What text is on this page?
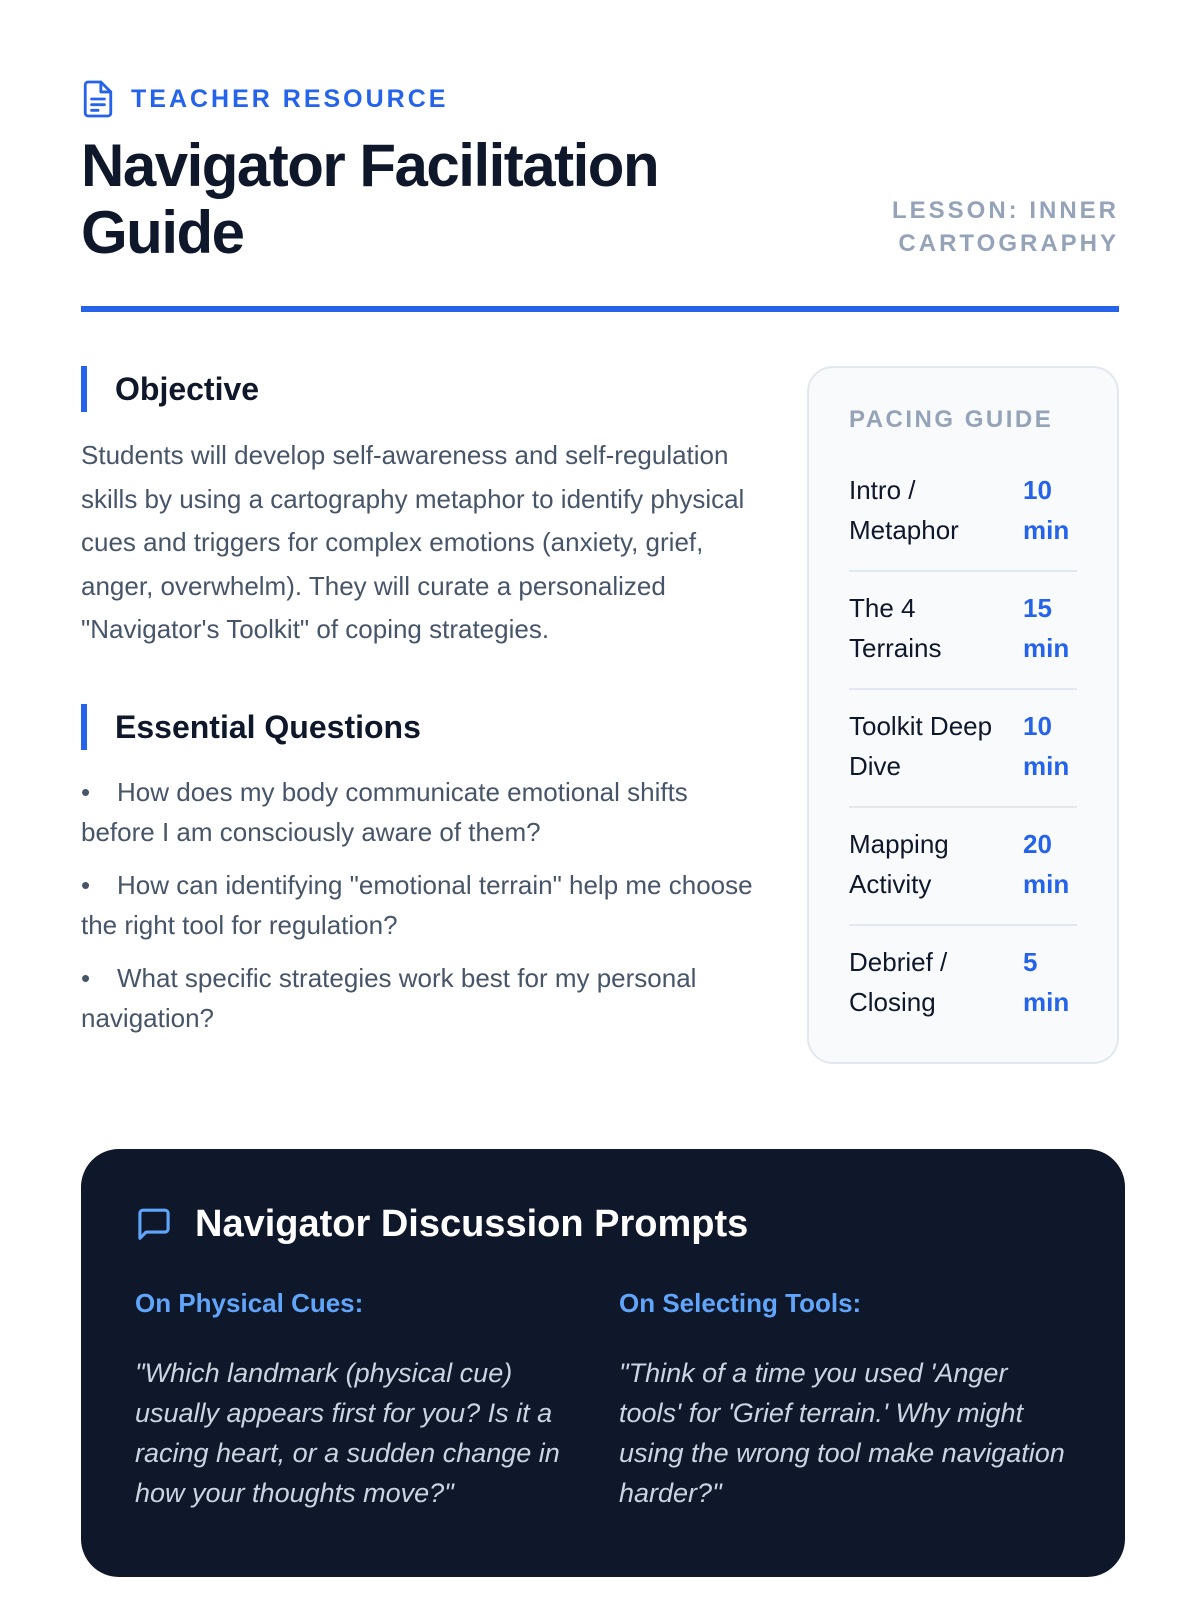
TEACHER RESOURCE
Navigator Facilitation Guide	LESSON: INNER CARTOGRAPHY
Objective

Students will develop self-awareness and self-regulation skills by using a cartography metaphor to identify physical cues and triggers for complex emotions (anxiety, grief, anger, overwhelm). They will curate a personalized "Navigator's Toolkit" of coping strategies.

Essential Questions
• How does my body communicate emotional shifts before I am consciously aware of them?
• How can identifying "emotional terrain" help me choose the right tool for regulation?
• What specific strategies work best for my personal navigation?
PACING GUIDE
Intro / Metaphor
10 min
The 4 Terrains
15 min
Toolkit Deep Dive
10 min
Mapping Activity
20 min
Debrief / Closing
5 min
Navigator Discussion Prompts
On Physical Cues:
"Which landmark (physical cue) usually appears first for you? Is it a racing heart, or a sudden change in how your thoughts move?"
On Selecting Tools:
"Think of a time you used 'Anger tools' for 'Grief terrain.' Why might using the wrong tool make navigation harder?"
